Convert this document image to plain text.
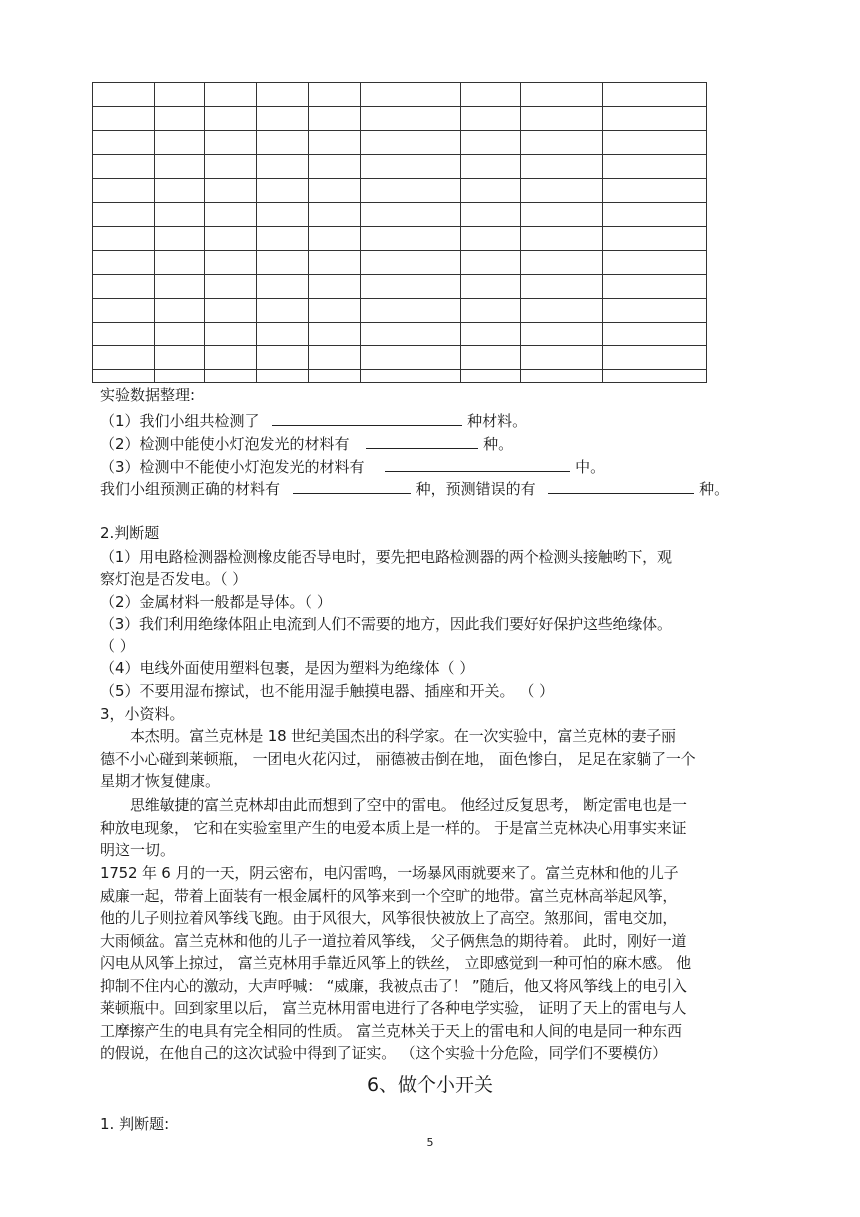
实验数据整理:
（1）我们小组共检测了	种材料。
（2）检测中能使小灯泡发光的材料有	种。
（3）检测中不能使小灯泡发光的材料有	中。
我们小组预测正确的材料有	种，预测错误的有	种。
2.判断题
（1）用电路检测器检测橡皮能否导电时，要先把电路检测器的两个检测头接触哟下，观
察灯泡是否发电。（ ）
（2）金属材料一般都是导体。（ ）
（3）我们利用绝缘体阻止电流到人们不需要的地方，因此我们要好好保护这些绝缘体。
（ ）
（4）电线外面使用塑料包裹，是因为塑料为绝缘体（ ）
（5）不要用湿布擦试，也不能用湿手触摸电器、插座和开关。 （ ）
3，小资料。
本杰明。富兰克林是 18 世纪美国杰出的科学家。在一次实验中，富兰克林的妻子丽
德不小心碰到莱顿瓶， 一团电火花闪过， 丽德被击倒在地， 面色惨白， 足足在家躺了一个
星期才恢复健康。
思维敏捷的富兰克林却由此而想到了空中的雷电。 他经过反复思考， 断定雷电也是一
种放电现象， 它和在实验室里产生的电爱本质上是一样的。 于是富兰克林决心用事实来证
明这一切。
1752 年 6 月的一天，阴云密布，电闪雷鸣，一场暴风雨就要来了。富兰克林和他的儿子
威廉一起，带着上面装有一根金属杆的风筝来到一个空旷的地带。富兰克林高举起风筝，
他的儿子则拉着风筝线飞跑。由于风很大，风筝很快被放上了高空。煞那间，雷电交加，
大雨倾盆。富兰克林和他的儿子一道拉着风筝线， 父子俩焦急的期待着。 此时，刚好一道
闪电从风筝上掠过， 富兰克林用手靠近风筝上的铁丝， 立即感觉到一种可怕的麻木感。 他
抑制不住内心的激动，大声呼喊： “威廉，我被点击了！ ”随后，他又将风筝线上的电引入
莱顿瓶中。回到家里以后， 富兰克林用雷电进行了各种电学实验， 证明了天上的雷电与人
工摩擦产生的电具有完全相同的性质。 富兰克林关于天上的雷电和人间的电是同一种东西
的假说，在他自己的这次试验中得到了证实。 （这个实验十分危险，同学们不要模仿）
6、做个小开关
1. 判断题:
5
